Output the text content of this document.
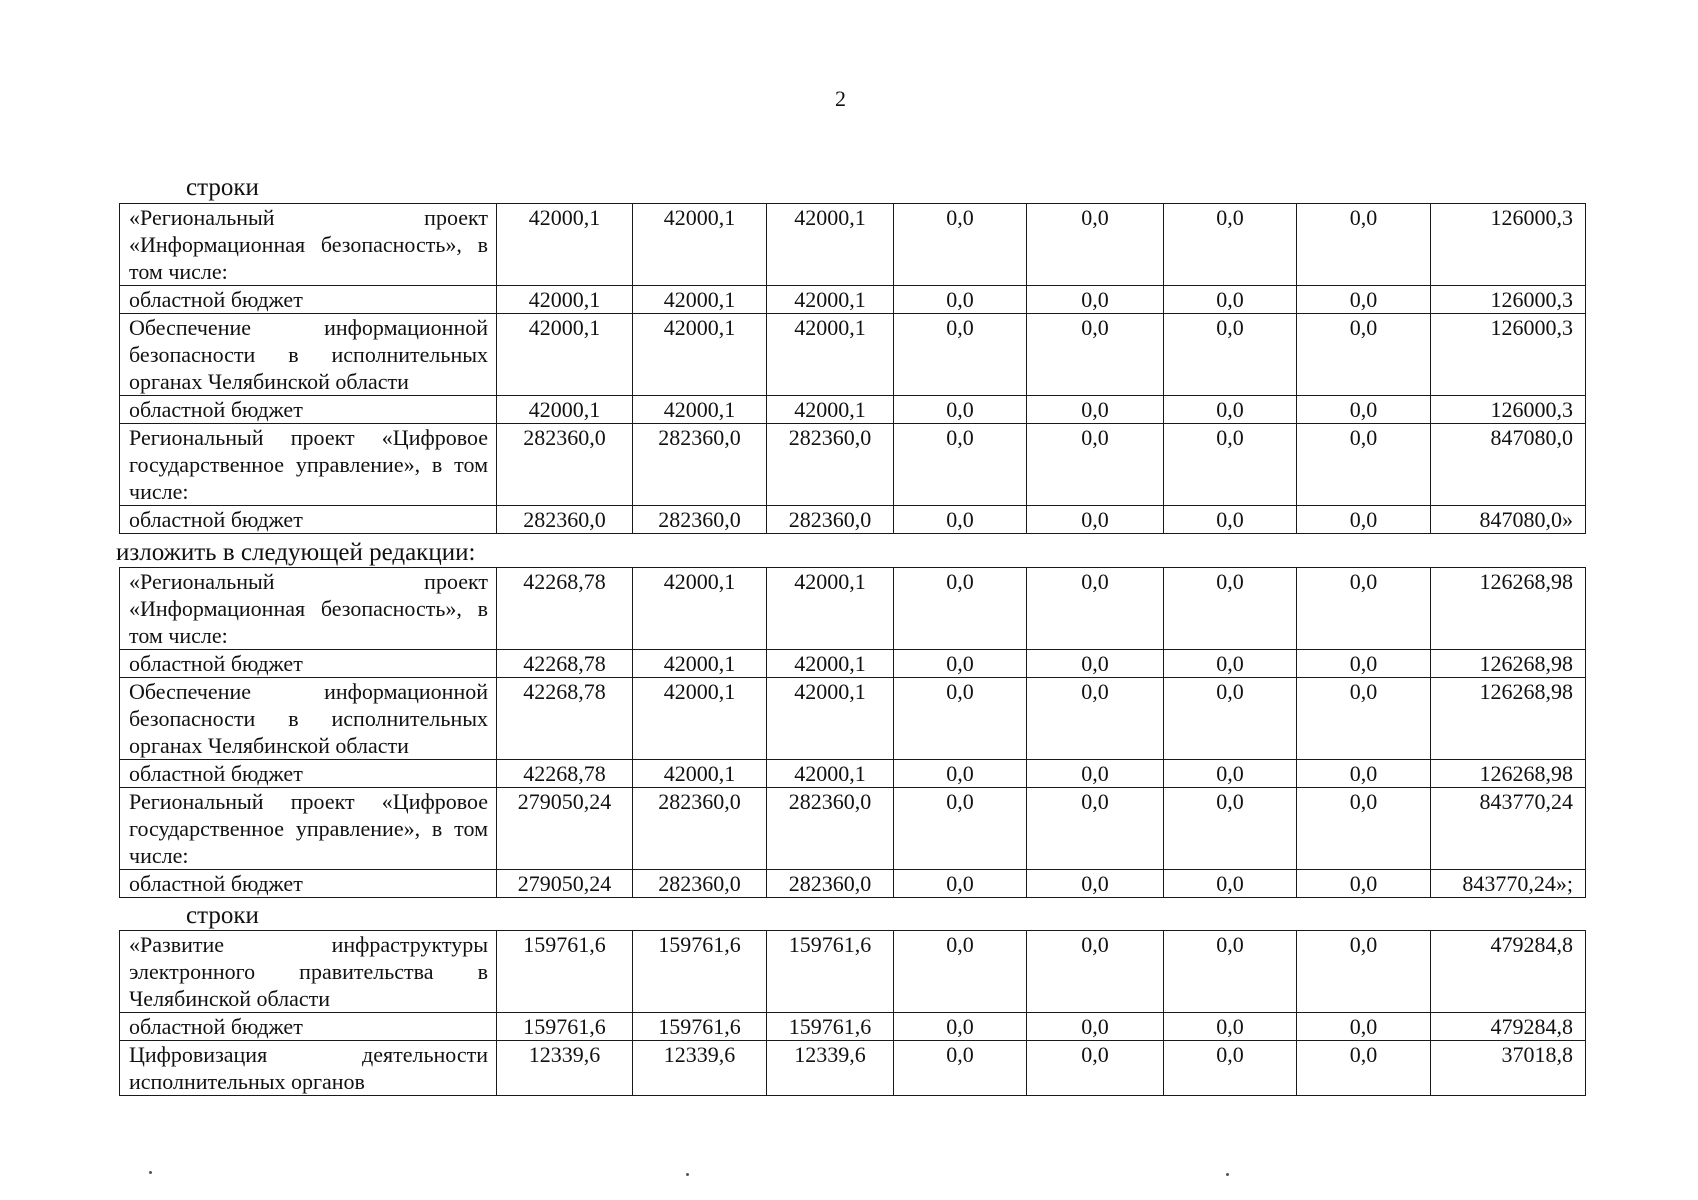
2
строки
«Региональный проект «Информационная безопасность», в том числе:	42000,1	42000,1	42000,1	0,0	0,0	0,0	0,0	126000,3
областной бюджет	42000,1	42000,1	42000,1	0,0	0,0	0,0	0,0	126000,3
Обеспечение информационной безопасности в исполнительных органах Челябинской области	42000,1	42000,1	42000,1	0,0	0,0	0,0	0,0	126000,3
областной бюджет	42000,1	42000,1	42000,1	0,0	0,0	0,0	0,0	126000,3
Региональный проект «Цифровое государственное управление», в том числе:	282360,0	282360,0	282360,0	0,0	0,0	0,0	0,0	847080,0
областной бюджет	282360,0	282360,0	282360,0	0,0	0,0	0,0	0,0	847080,0»
изложить в следующей редакции:
«Региональный проект «Информационная безопасность», в том числе:	42268,78	42000,1	42000,1	0,0	0,0	0,0	0,0	126268,98
областной бюджет	42268,78	42000,1	42000,1	0,0	0,0	0,0	0,0	126268,98
Обеспечение информационной безопасности в исполнительных органах Челябинской области	42268,78	42000,1	42000,1	0,0	0,0	0,0	0,0	126268,98
областной бюджет	42268,78	42000,1	42000,1	0,0	0,0	0,0	0,0	126268,98
Региональный проект «Цифровое государственное управление», в том числе:	279050,24	282360,0	282360,0	0,0	0,0	0,0	0,0	843770,24
областной бюджет	279050,24	282360,0	282360,0	0,0	0,0	0,0	0,0	843770,24»;
строки
«Развитие инфраструктуры электронного правительства в Челябинской области	159761,6	159761,6	159761,6	0,0	0,0	0,0	0,0	479284,8
областной бюджет	159761,6	159761,6	159761,6	0,0	0,0	0,0	0,0	479284,8
Цифровизация деятельности исполнительных органов	12339,6	12339,6	12339,6	0,0	0,0	0,0	0,0	37018,8
